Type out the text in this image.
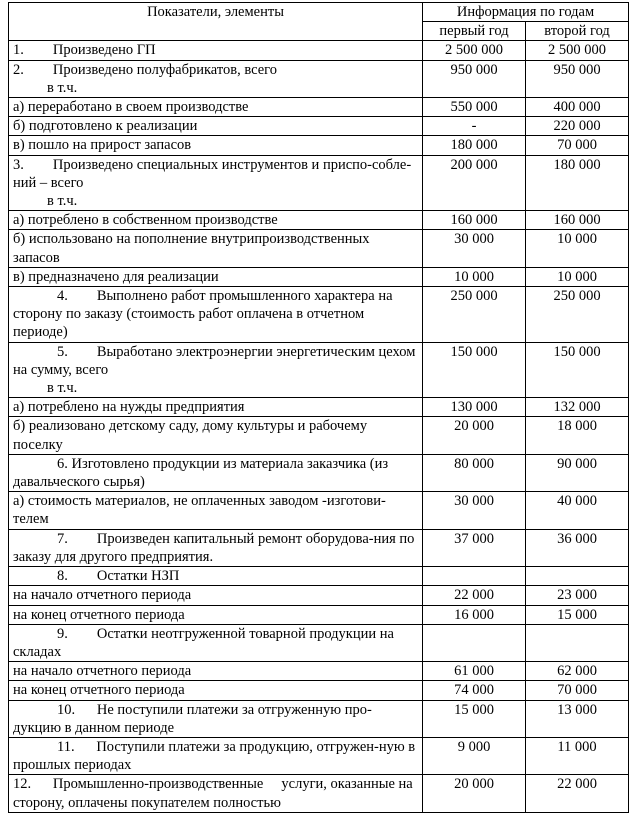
Показатели, элементы	Информация по годам	
	первый год	второй год
1.        Произведено ГП	2 500 000	2 500 000
2.        Произведено полуфабрикатов, всего
в т.ч.	950 000	950 000
а) переработано в своем производстве	550 000	400 000
б) подготовлено к реализации	-	220 000
в) пошло на прирост запасов	180 000	70 000
3.        Произведено специальных инструментов и приспо-соблений – всего
в т.ч.	200 000	180 000
а) потреблено в собственном производстве	160 000	160 000
б) использовано на пополнение внутрипроизводственных запасов	30 000	10 000
в) предназначено для реализации	10 000	10 000
4.        Выполнено работ промышленного характера на сторону по заказу (стоимость работ оплачена в отчетном периоде)	250 000	250 000
5.        Выработано электроэнергии энергетическим цехом на сумму, всего
в т.ч.	150 000	150 000
а) потреблено на нужды предприятия	130 000	132 000
б) реализовано детскому саду, дому культуры и рабочему поселку	20 000	18 000
6. Изготовлено продукции из материала заказчика (из давальческого сырья)	80 000	90 000
а) стоимость материалов, не оплаченных заводом -изготови-телем	30 000	40 000
7.        Произведен капитальный ремонт оборудова-ния по заказу для другого предприятия.	37 000	36 000
8.        Остатки НЗП		
на начало отчетного периода	22 000	23 000
на конец отчетного периода	16 000	15 000
9.        Остатки неотгруженной товарной продукции на складах		
на начало отчетного периода	61 000	62 000
на конец отчетного периода	74 000	70 000
10.      Не поступили платежи за отгруженную про-дукцию в данном периоде	15 000	13 000
11.      Поступили платежи за продукцию, отгружен-ную в прошлых периодах	9 000	11 000
12.      Промышленно-производственные     услуги, оказанные на сторону, оплачены покупателем полностью	20 000	22 000
